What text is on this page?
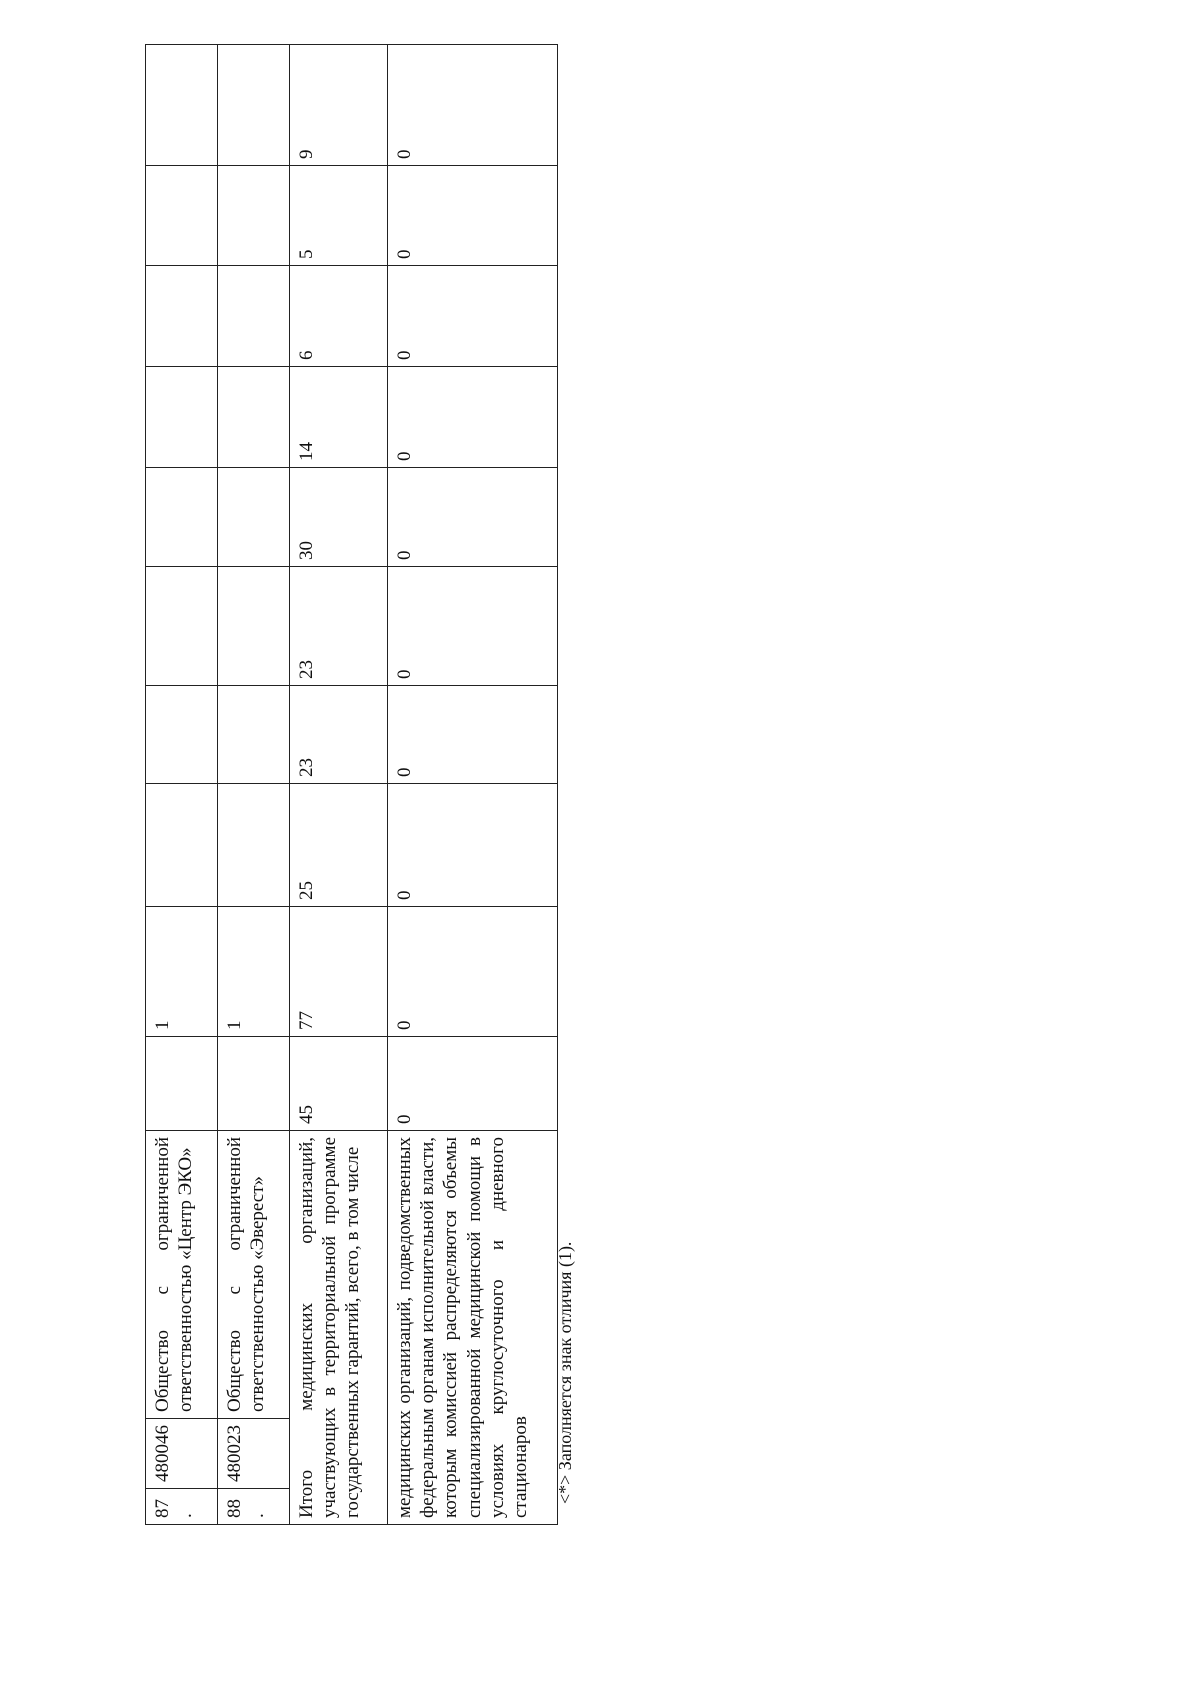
87.	480046	Общество с ограниченной ответственностью «Центр ЭКО»		1								
88.	480023	Общество с ограниченной ответственностью «Эверест»		1								
Итого медицинских организаций, участвующих в территориальной программе государственных гарантий, всего, в том числе			45	77	25	23	23	30	14	6	5	9
медицинских организаций, подведомственных федеральным органам исполнительной власти, которым комиссией распределяются объемы специализированной медицинской помощи в условиях круглосуточного и дневного стационаров			0	0	0	0	0	0	0	0	0	0
<*> Заполняется знак отличия (1).
